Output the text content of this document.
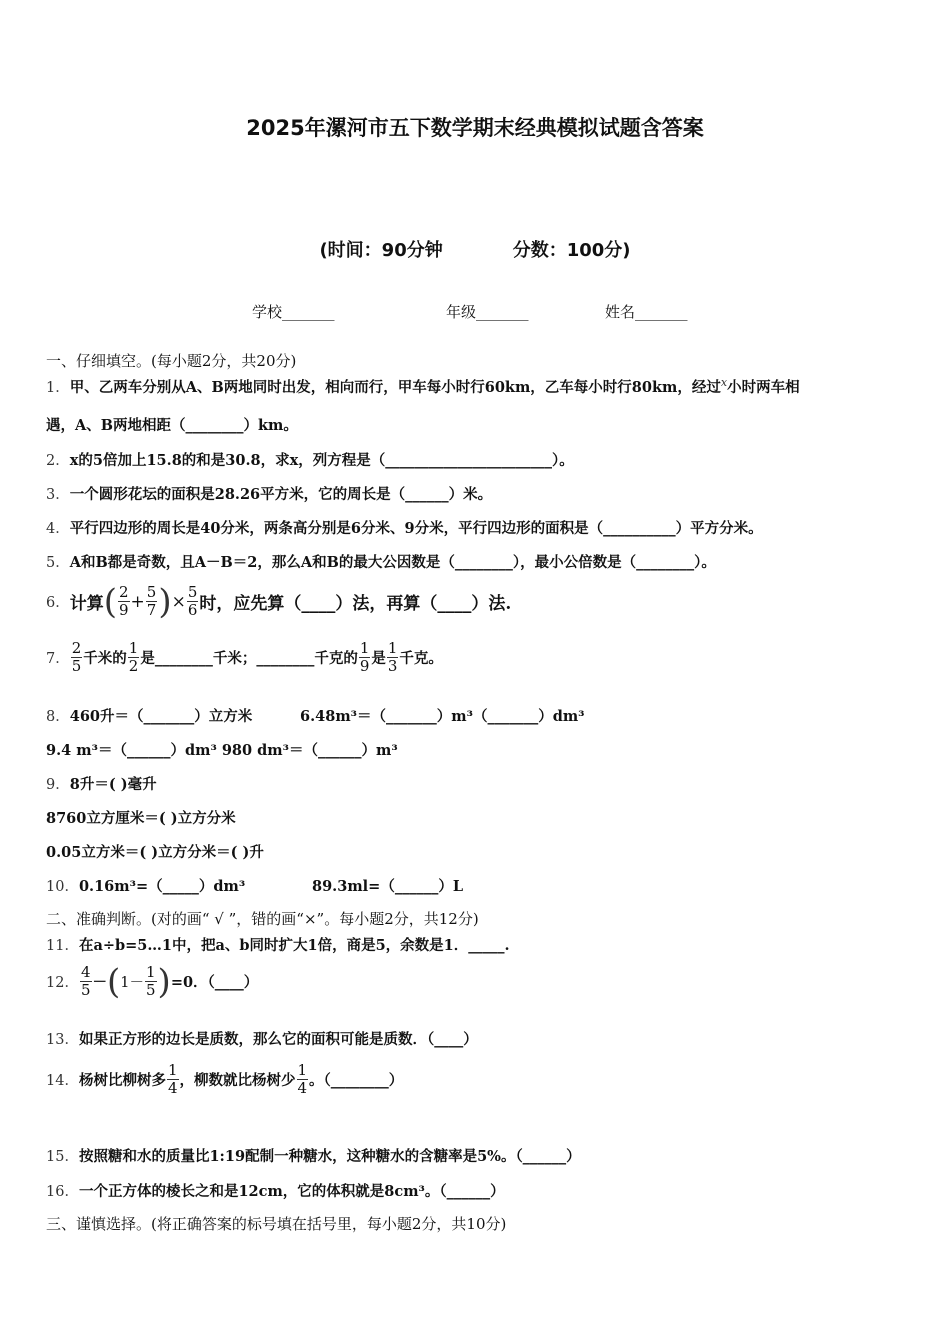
2025年漯河市五下数学期末经典模拟试题含答案
(时间：90分钟	分数：100分)
学校_______	年级_______	姓名_______
一、仔细填空。(每小题2分，共20分)
1．甲、乙两车分别从A、B两地同时出发，相向而行，甲车每小时行60km，乙车每小时行80km，经过$^x$小时两车相
遇，A、B两地相距（________）km。
2．x的5倍加上15.8的和是30.8，求x，列方程是（_______________________）。
3．一个圆形花坛的面积是28.26平方米，它的周长是（______）米。
4．平行四边形的周长是40分米，两条高分别是6分米、9分米，平行四边形的面积是（__________）平方分米。
5．A和B都是奇数，且A－B＝2，那么A和B的最大公因数是（________），最小公倍数是（________）。
6． 计算 ( $\frac{2}{9} + \frac{5}{7}$ ) × $\frac{5}{6}$ 时，应先算（____）法，再算（____）法.
7． $\frac{2}{5}$ 千米的 $\frac{1}{2}$ 是________千米；________千克的 $\frac{1}{9}$ 是 $\frac{1}{3}$ 千克。
8．460升＝（_______）立方米	6.48m³＝（_______）m³（_______）dm³
9.4 m³＝（______）dm³ 980 dm³＝（______）m³
9．8升＝( )毫升
8760立方厘米＝( )立方分米
0.05立方米＝( )立方分米＝( )升
10．0.16m³=（_____）dm³	89.3ml=（______）L
二、准确判断。(对的画“ √ ”，错的画“×”。每小题2分，共12分)
11．在a÷b=5…1中，把a、b同时扩大1倍，商是5，余数是1．_____.
12． $\frac{4}{5}$ － ( $1- \frac{1}{5}$ ) =0．（____）
13．如果正方形的边长是质数，那么它的面积可能是质数．（____）
14． 杨树比柳树多 $\frac{1}{4}$ ，柳数就比杨树少 $\frac{1}{4}$ 。（________）
15．按照糖和水的质量比1:19配制一种糖水，这种糖水的含糖率是5%。（______）
16．一个正方体的棱长之和是12cm，它的体积就是8cm³。（______）
三、谨慎选择。(将正确答案的标号填在括号里，每小题2分，共10分)
